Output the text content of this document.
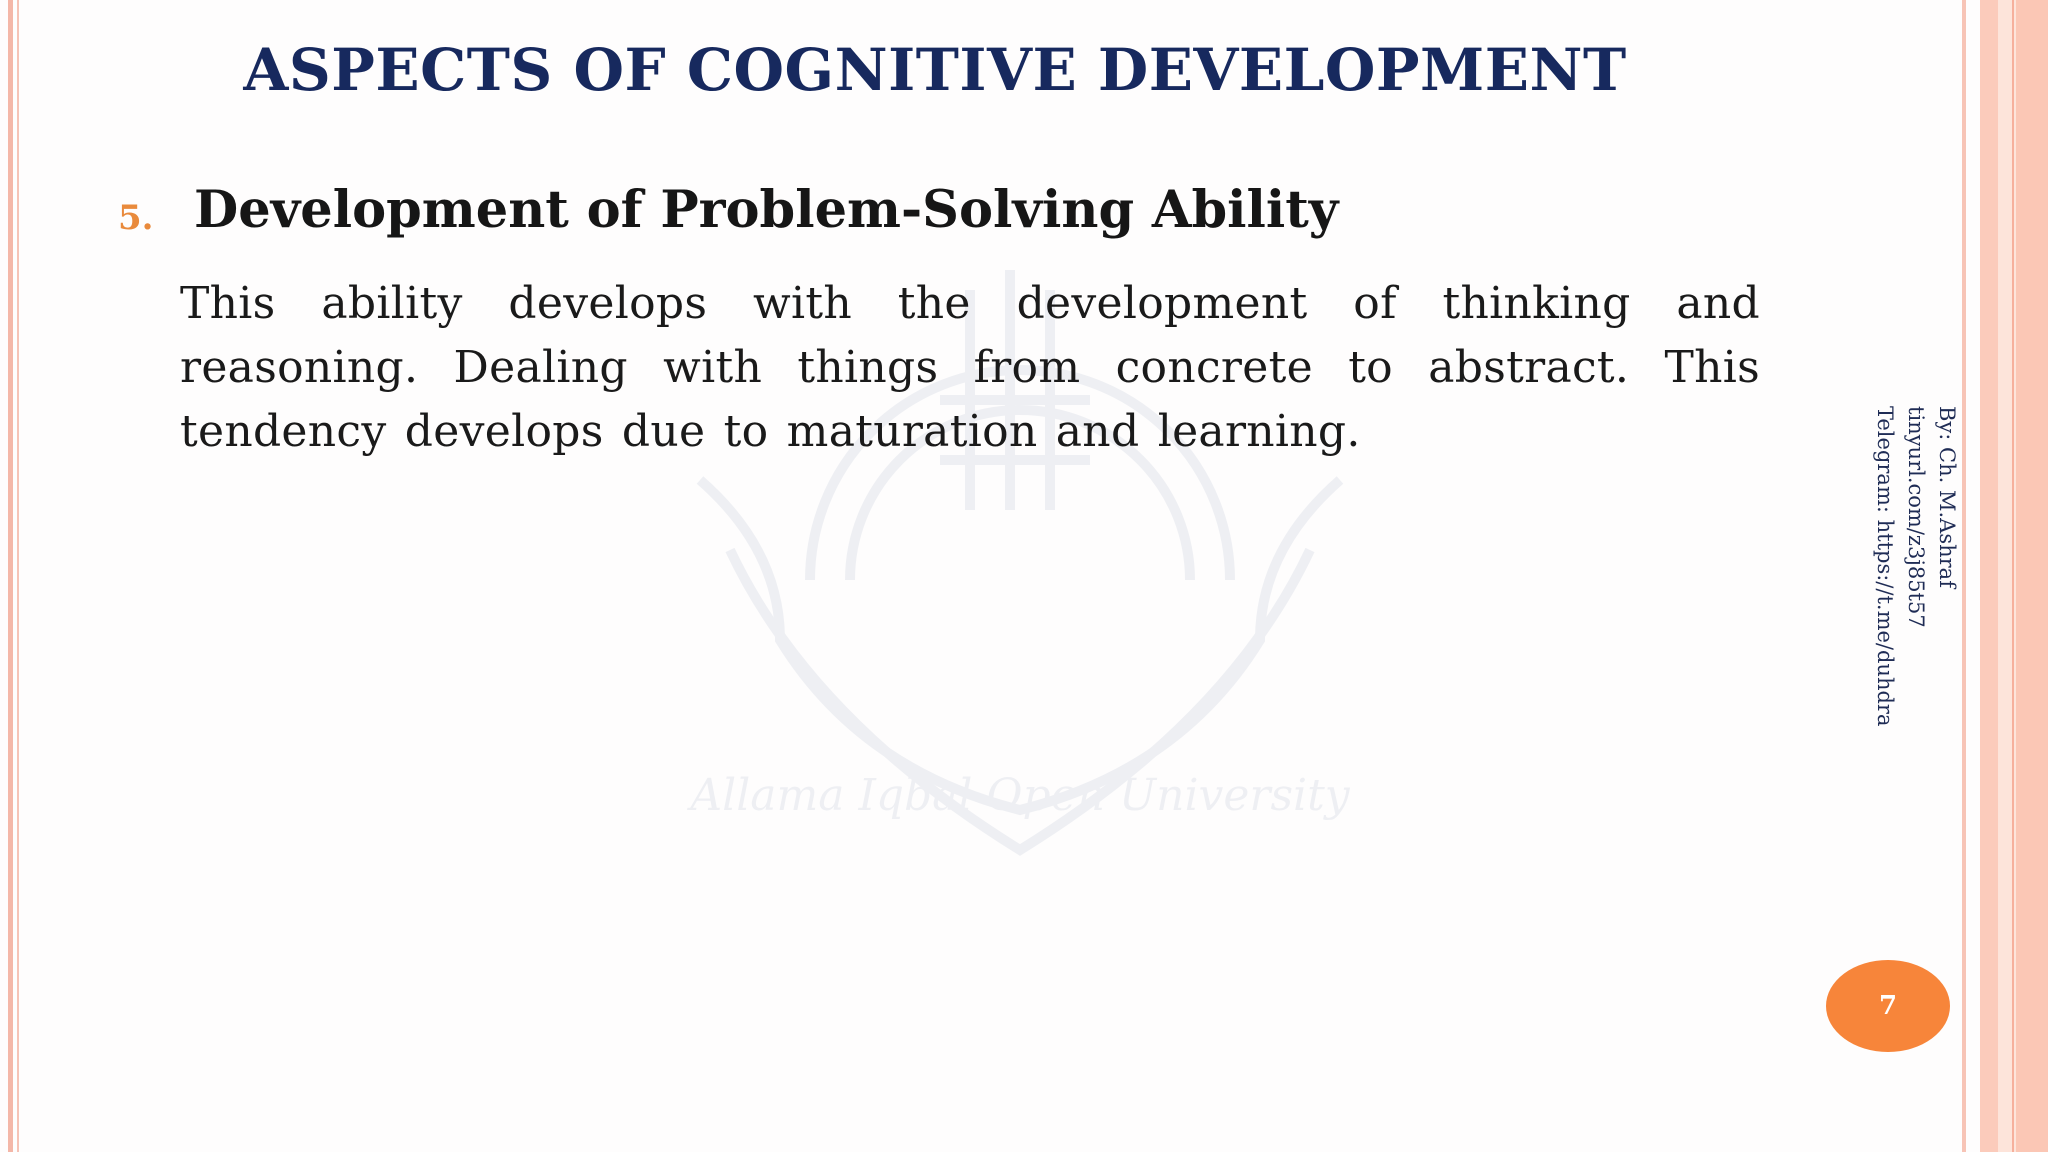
Allama Iqbal Open University
ASPECTS OF COGNITIVE DEVELOPMENT
5. Development of Problem-Solving Ability
This ability develops with the development of thinking and reasoning. Dealing with things from concrete to abstract. This tendency develops due to maturation and learning.	By: Ch. M.Ashraf
tinyurl.com/z3j85t57
Telegram: https://t.me/duhdra
7
